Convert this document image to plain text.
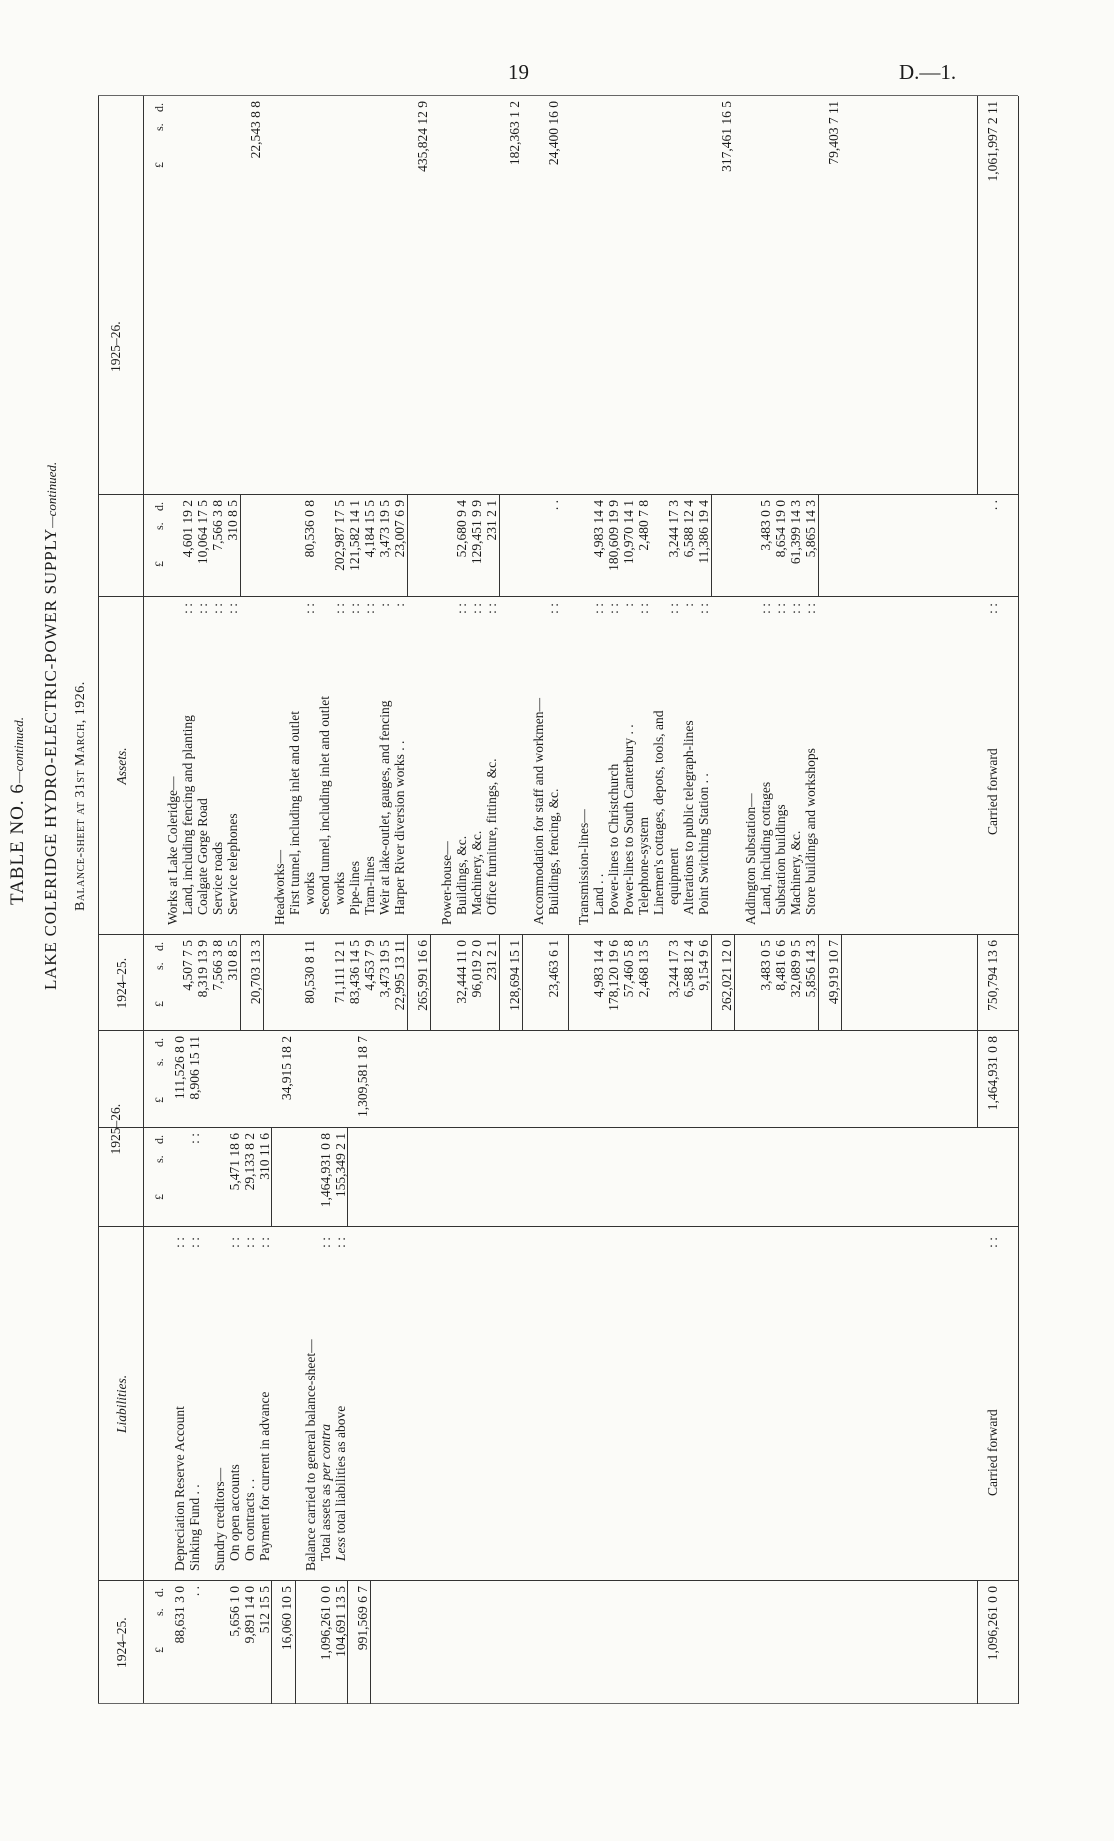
19	D.—1.
TABLE NO. 6—continued. LAKE COLERIDGE HYDRO-ELECTRIC-POWER SUPPLY—continued.
Balance-sheet at 31st March, 1926.
1924–25.
Liabilities.
1925–26.
1924–25.
Assets.
1925–26.
£
s.
d.
£
s.
d.
£
s.
d.
£
s.
d.
£
s.
d.
£
s.
d.
Depreciation Reserve Account
: :
88,631 3 0
111,526 8 0
Sinking Fund . .
: :
. .
: :
8,906 15 11
Sundry creditors— On open accounts
: :
5,656 1 0
5,471 18 6
On contracts . .
: :
9,891 14 0
29,133 8 2
Payment for current in advance
: :
512 15 5
310 11 6
16,060 10 5
34,915 18 2
Balance carried to general balance-sheet— Total assets as per contra
: :
1,096,261 0 0
1,464,931 0 8
Less total liabilities as above
: :
104,691 13 5
155,349 2 1
991,569 6 7
1,309,581 18 7
Carried forward
: :
1,096,261 0 0
1,464,931 0 8
Works at Lake Coleridge— Land, including fencing and planting
: :
4,507 7 5
4,601 19 2
Coalgate Gorge Road
: :
8,319 13 9
10,064 17 5
Service roads
: :
7,566 3 8
7,566 3 8
Service telephones
: :
310 8 5
310 8 5
20,703 13 3
22,543 8 8
Headworks— First tunnel, including inlet and outlet works
: :
80,530 8 11
80,536 0 8
Second tunnel, including inlet and outlet works
: :
71,111 12 1
202,987 17 5
Pipe-lines
: :
83,436 14 5
121,582 14 1
Tram-lines
: :
4,453 7 9
4,184 15 5
Weir at lake-outlet, gauges, and fencing
:
3,473 19 5
3,473 19 5
Harper River diversion works . .
:
22,995 13 11
23,007 6 9
265,991 16 6
435,824 12 9
Power-house— Buildings, &c.
: :
32,444 11 0
52,680 9 4
Machinery, &c.
: :
96,019 2 0
129,451 9 9
Office furniture, fittings, &c.
: :
231 2 1
231 2 1
128,694 15 1
182,363 1 2
Accommodation for staff and workmen— Buildings, fencing, &c.
: :
23,463 6 1
. .
24,400 16 0
Transmission-lines— Land . .
: :
4,983 14 4
4,983 14 4
Power-lines to Christchurch
: :
178,120 19 6
180,609 19 9
Power-lines to South Canterbury . .
:
57,460 5 8
10,970 14 1
Telephone-system
: :
2,468 13 5
2,480 7 8
Linemen's cottages, depots, tools, and equipment
: :
3,244 17 3
3,244 17 3
Alterations to public telegraph-lines
:
6,588 12 4
6,588 12 4
Point Switching Station . .
: :
9,154 9 6
11,386 19 4
262,021 12 0
317,461 16 5
Addington Substation— Land, including cottages
: :
3,483 0 5
3,483 0 5
Substation buildings
: :
8,481 6 6
8,654 19 0
Machinery, &c.
: :
32,089 9 5
61,399 14 3
Store buildings and workshops
: :
5,856 14 3
5,865 14 3
49,919 10 7
79,403 7 11
Carried forward
: :
750,794 13 6
. .
1,061,997 2 11
